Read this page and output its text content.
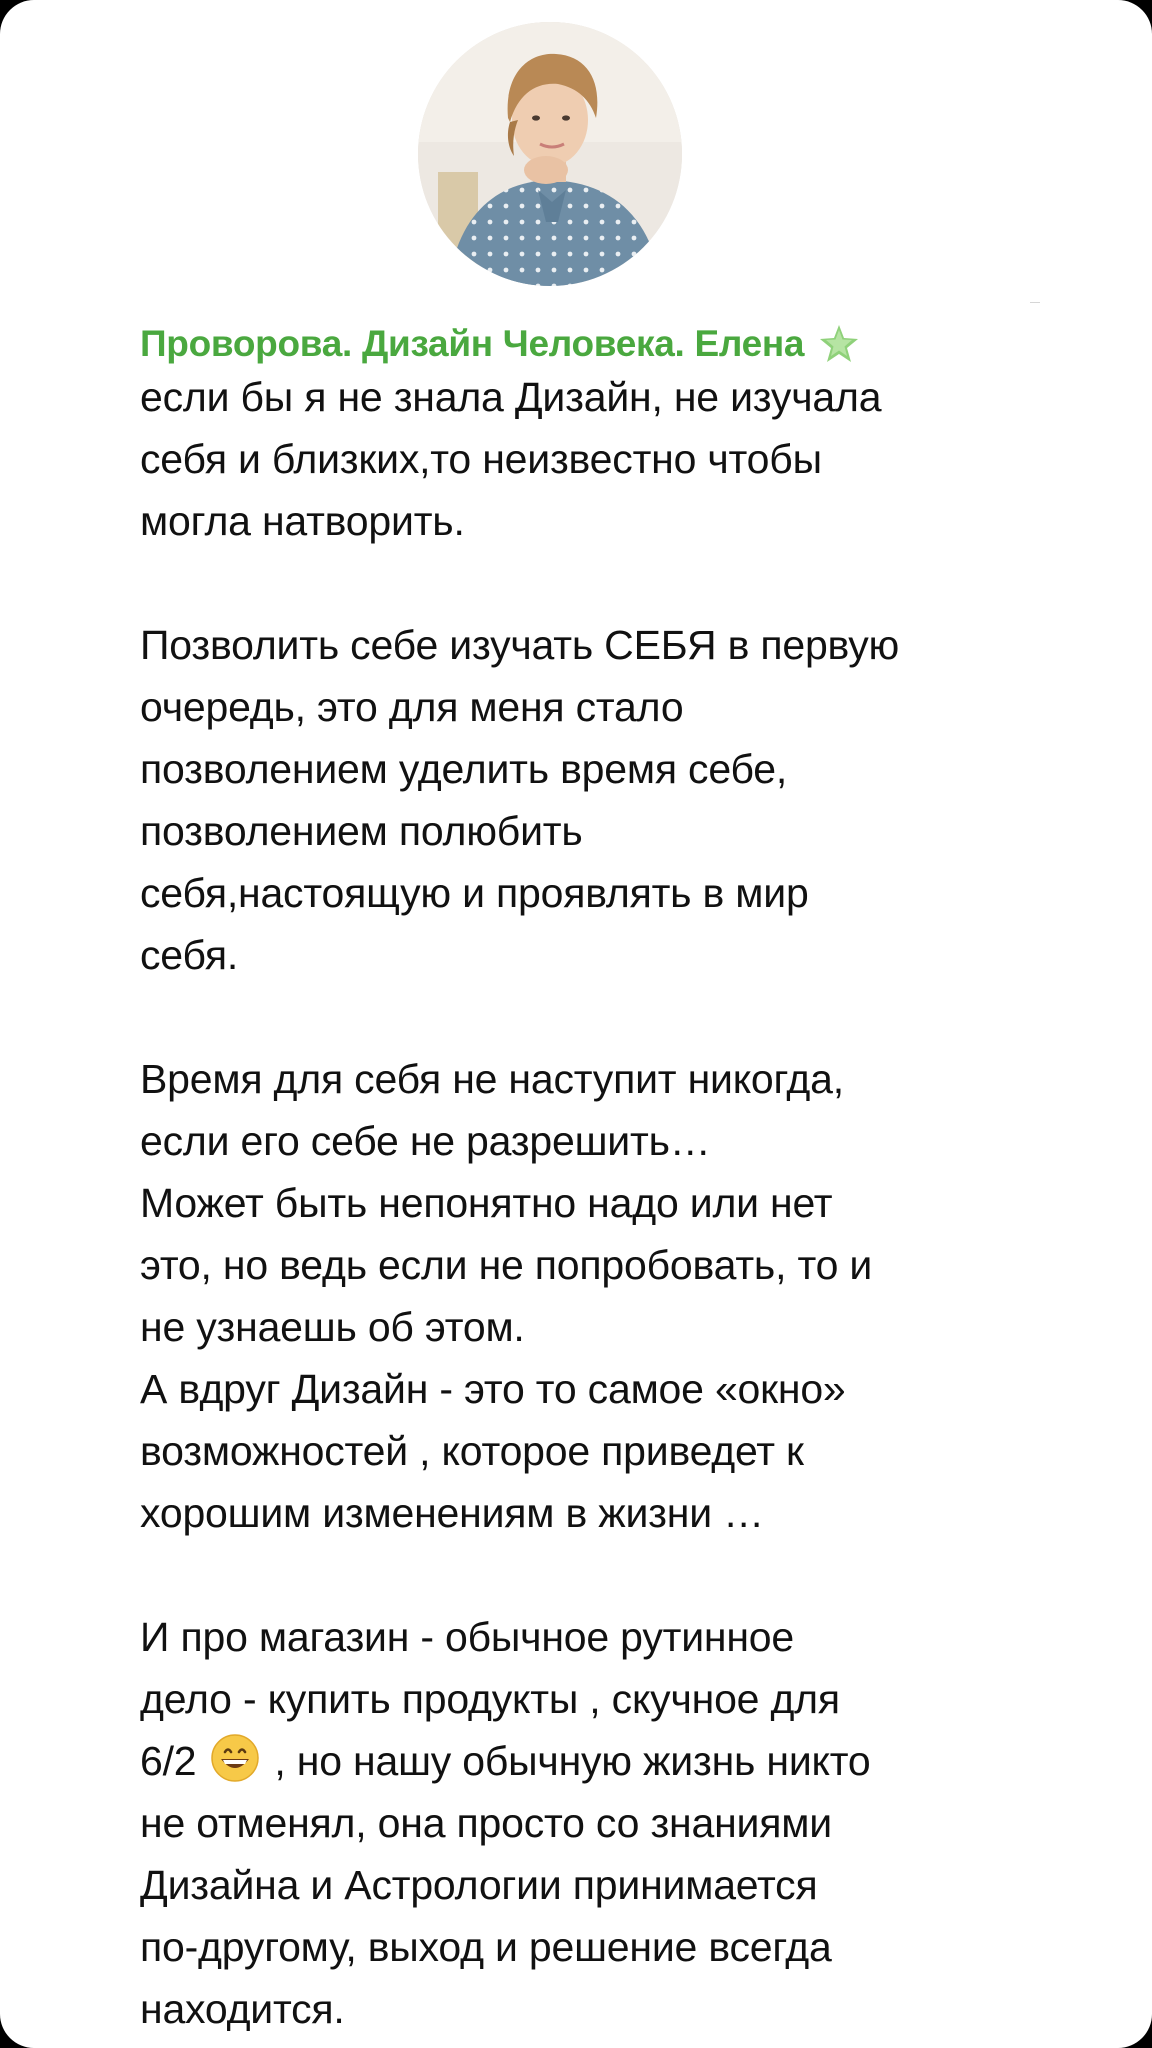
Проворова. Дизайн Человека. Елена
если бы я не знала Дизайн, не изучала
себя и близких,то неизвестно чтобы
могла натворить.
Позволить себе изучать СЕБЯ в первую
очередь, это для меня стало
позволением уделить время себе,
позволением полюбить
себя,настоящую и проявлять в мир
себя.
Время для себя не наступит никогда,
если его себе не разрешить…
Может быть непонятно надо или нет
это, но ведь если не попробовать, то и
не узнаешь об этом.
А вдруг Дизайн - это то самое «окно»
возможностей , которое приведет к
хорошим изменениям в жизни …
И про магазин - обычное рутинное
дело - купить продукты , скучное для
6/2 , но нашу обычную жизнь никто
не отменял, она просто со знаниями
Дизайна и Астрологии принимается
по-другому, выход и решение всегда
находится.
